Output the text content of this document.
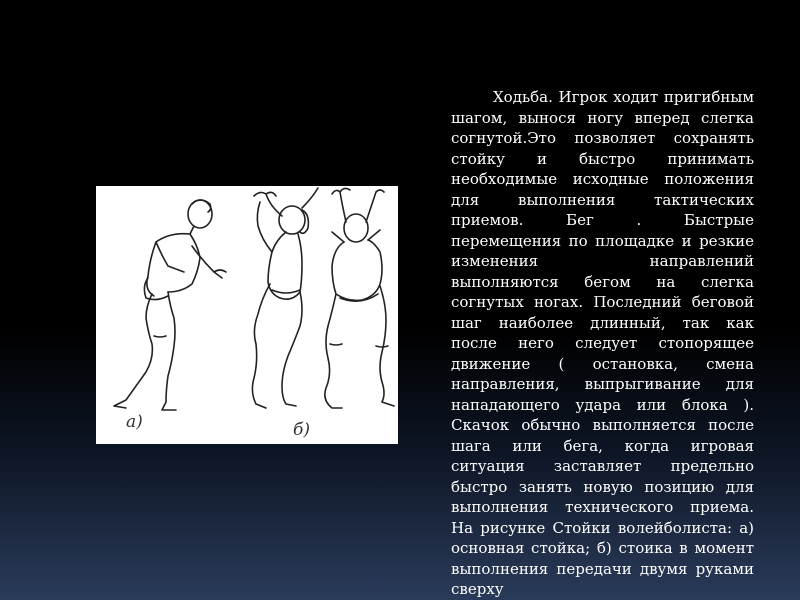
а)	б)

Ходьба. Игрок ходит пригибным шагом, вынося ногу вперед слегка согнутой.Это позволяет сохранять стойку и быстро принимать необходимые исходные положения для выполнения тактических приемов. Бег . Быстрые перемещения по площадке и резкие изменения направлений выполняются бегом на слегка согнутых ногах. Последний беговой шаг наиболее длинный, так как после него следует стопорящее движение ( остановка, смена направления, выпрыгивание для нападающего удара или блока ). Скачок обычно выполняется после шага или бега, когда игровая ситуация заставляет предельно быстро занять новую позицию для выполнения технического приема. На рисунке Стойки волейболиста: а) основная стойка; б) стоика в момент выполнения передачи двумя руками сверху
